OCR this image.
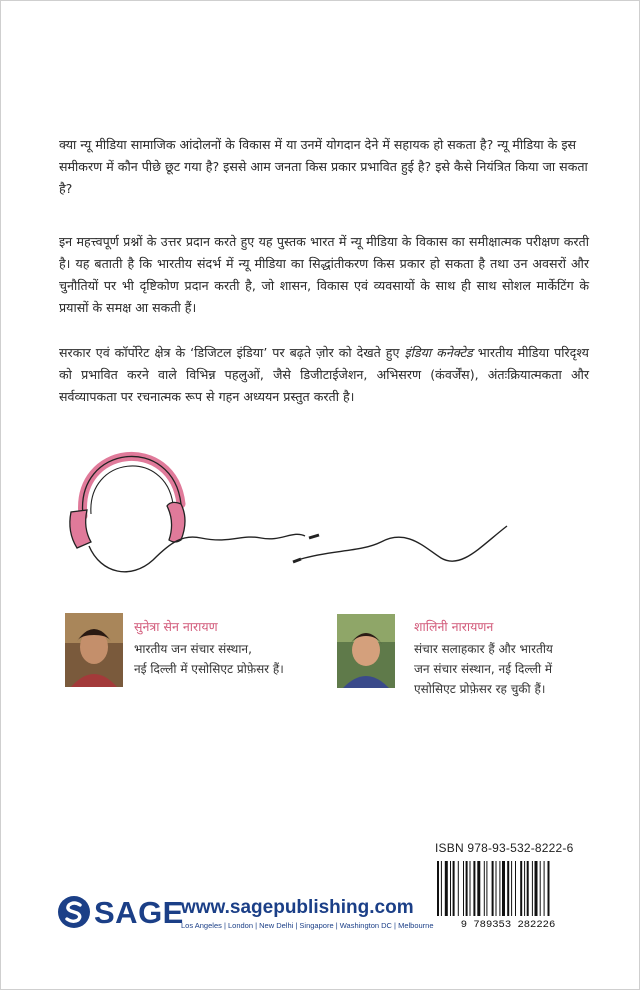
क्या न्यू मीडिया सामाजिक आंदोलनों के विकास में या उनमें योगदान देने में सहायक हो सकता है? न्यू मीडिया के इस समीकरण में कौन पीछे छूट गया है? इससे आम जनता किस प्रकार प्रभावित हुई है? इसे कैसे नियंत्रित किया जा सकता है?

इन महत्त्वपूर्ण प्रश्नों के उत्तर प्रदान करते हुए यह पुस्तक भारत में न्यू मीडिया के विकास का समीक्षात्मक परीक्षण करती है। यह बताती है कि भारतीय संदर्भ में न्यू मीडिया का सिद्धांतीकरण किस प्रकार हो सकता है तथा उन अवसरों और चुनौतियों पर भी दृष्टिकोण प्रदान करती है, जो शासन, विकास एवं व्यवसायों के साथ ही साथ सोशल मार्केटिंग के प्रयासों के समक्ष आ सकती हैं।

सरकार एवं कॉर्पोरेट क्षेत्र के ‘डिजिटल इंडिया’ पर बढ़ते ज़ोर को देखते हुए इंडिया कनेक्टेड भारतीय मीडिया परिदृश्य को प्रभावित करने वाले विभिन्न पहलुओं, जैसे डिजीटाईजेशन, अभिसरण (कंवर्जेंस), अंतःक्रियात्मकता और सर्वव्यापकता पर रचनात्मक रूप से गहन अध्ययन प्रस्तुत करती है।

सुनेत्रा सेन नारायण

भारतीय जन संचार संस्थान,
नई दिल्ली में एसोसिएट प्रोफ़ेसर हैं।

शालिनी नारायणन

संचार सलाहकार हैं और भारतीय
जन संचार संस्थान, नई दिल्ली में
एसोसिएट प्रोफ़ेसर रह चुकी हैं।

ISBN 978-93-532-8222-6
9 789353 282226
SAGE
www.sagepublishing.com
Los Angeles | London | New Delhi | Singapore | Washington DC | Melbourne
